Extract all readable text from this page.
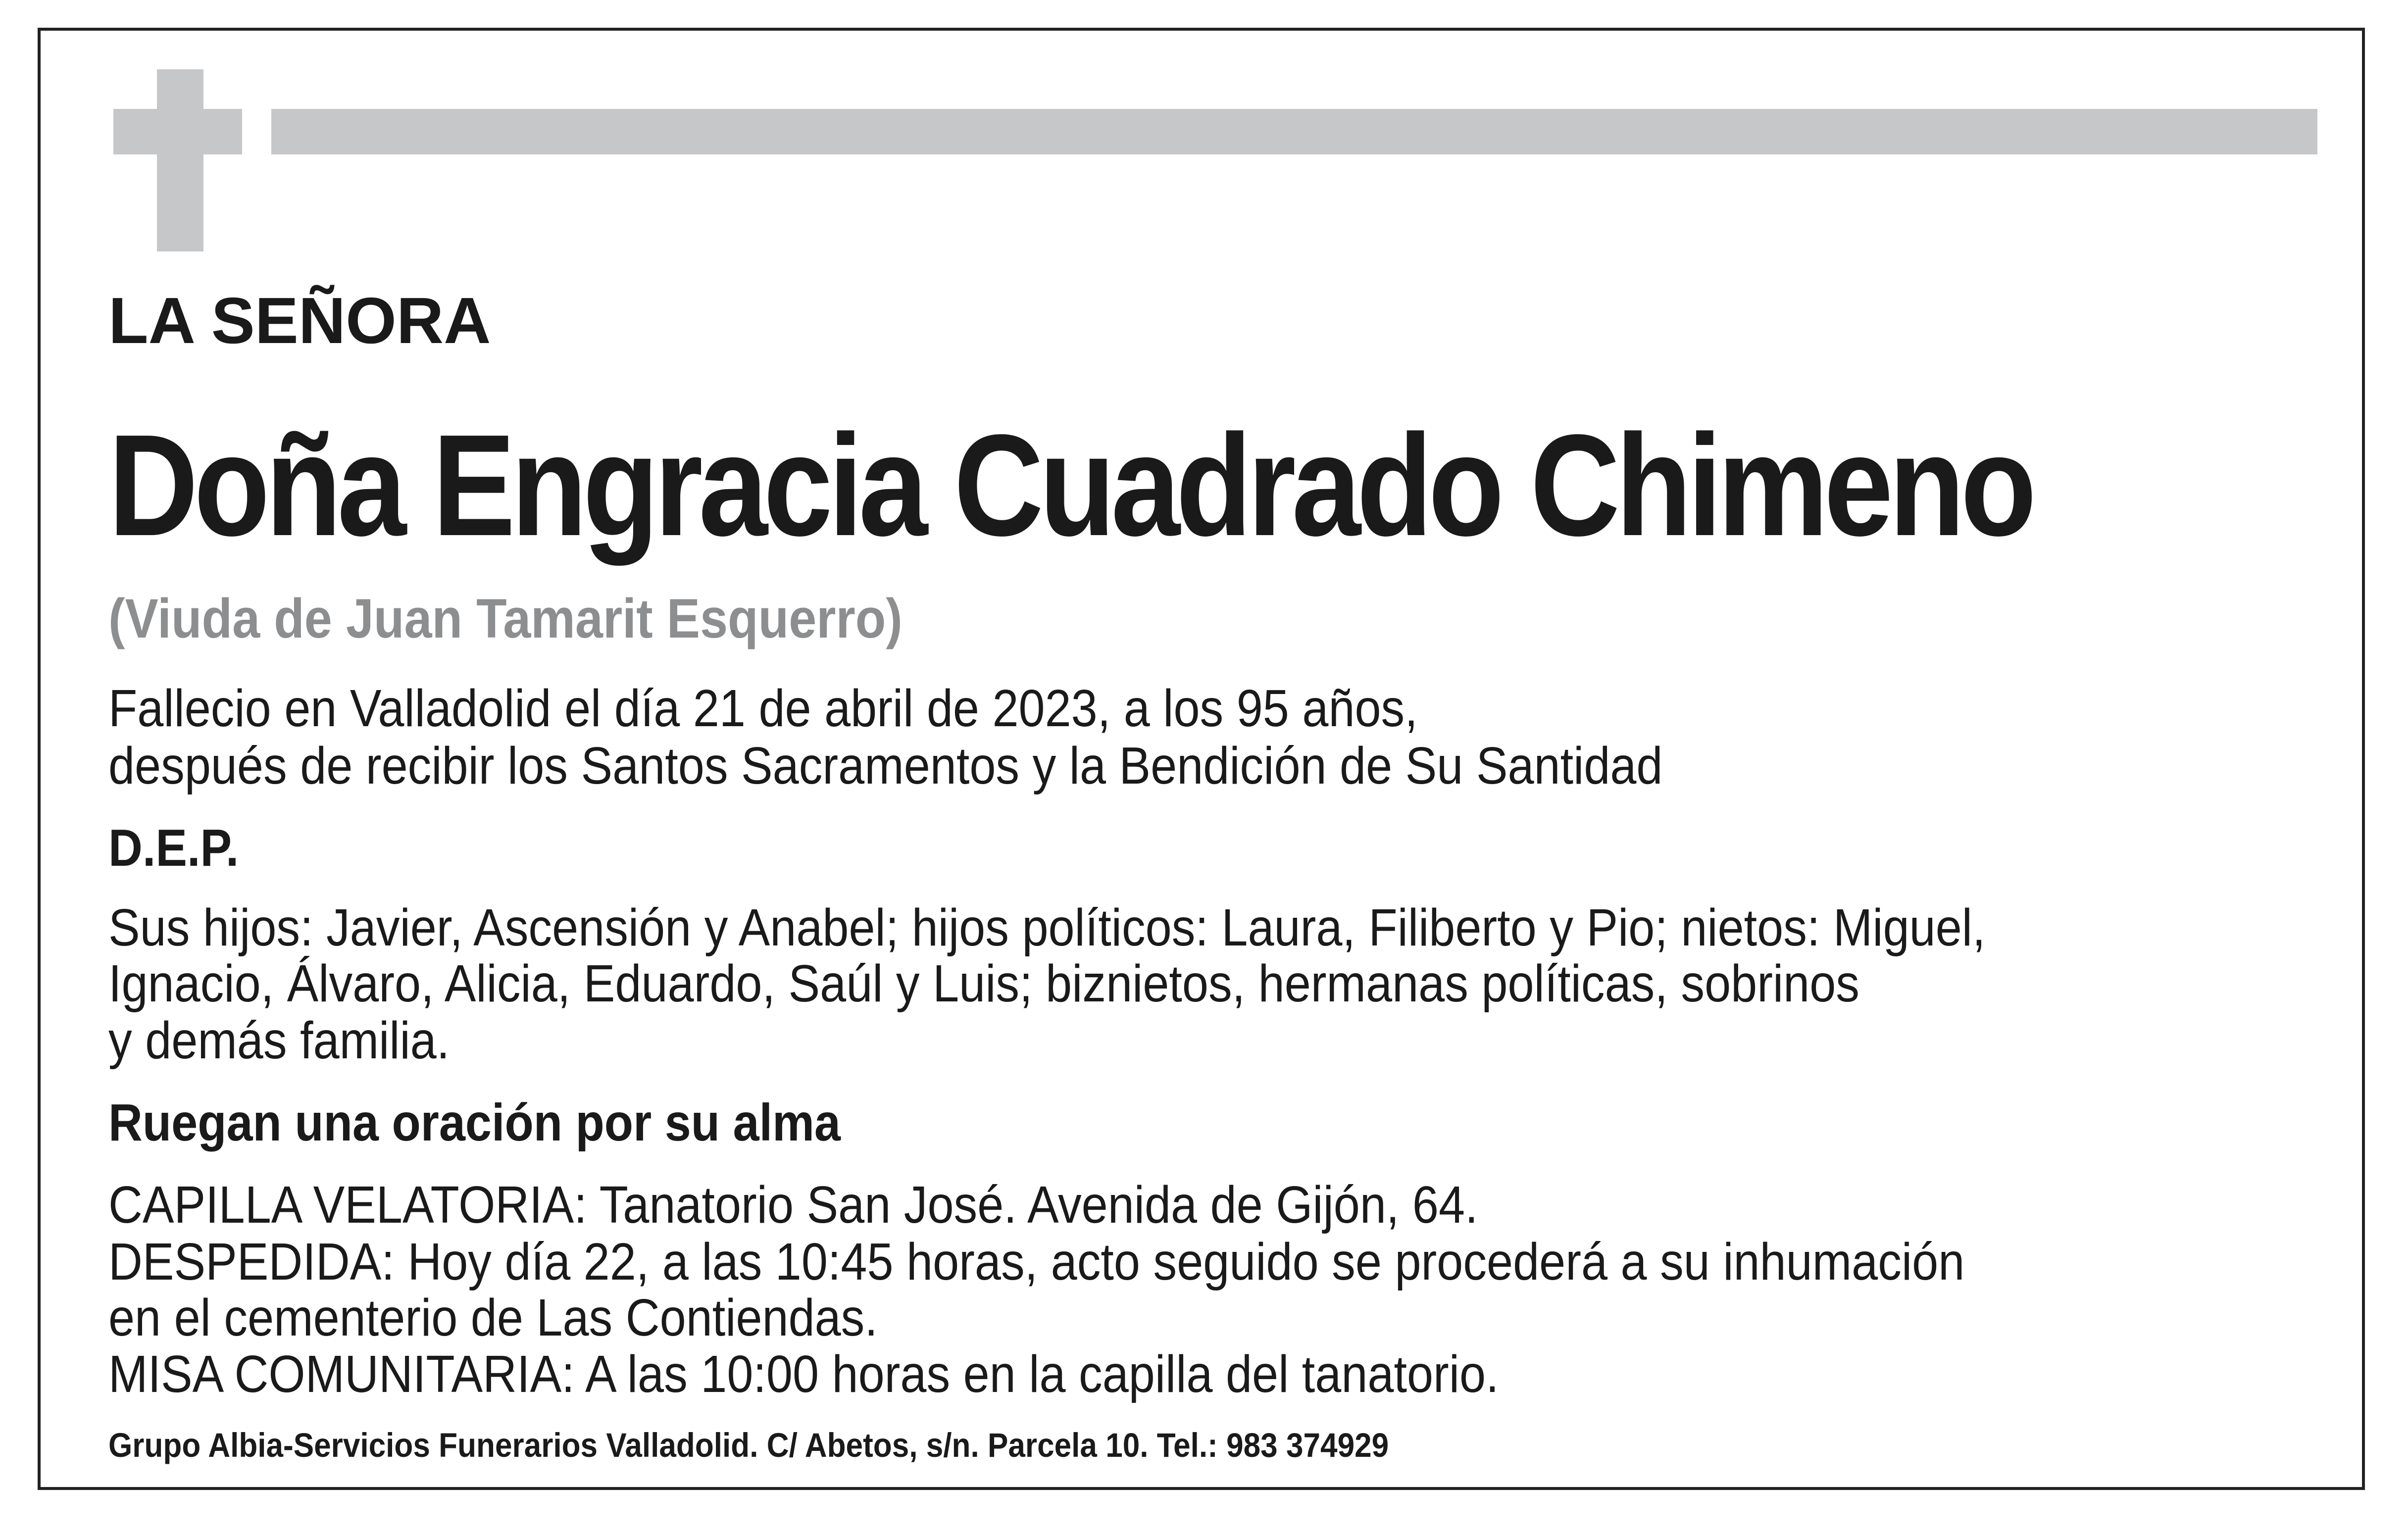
LA SEÑORA
Doña Engracia Cuadrado Chimeno
(Viuda de Juan Tamarit Esquerro)
Fallecio en Valladolid el día 21 de abril de 2023, a los 95 años,
después de recibir los Santos Sacramentos y la Bendición de Su Santidad
D.E.P.
Sus hijos: Javier, Ascensión y Anabel; hijos políticos: Laura, Filiberto y Pio; nietos: Miguel,
Ignacio, Álvaro, Alicia, Eduardo, Saúl y Luis; biznietos, hermanas políticas, sobrinos
y demás familia.
Ruegan una oración por su alma
CAPILLA VELATORIA: Tanatorio San José. Avenida de Gijón, 64.
DESPEDIDA: Hoy día 22, a las 10:45 horas, acto seguido se procederá a su inhumación
en el cementerio de Las Contiendas.
MISA COMUNITARIA: A las 10:00 horas en la capilla del tanatorio.
Grupo Albia-Servicios Funerarios Valladolid. C/ Abetos, s/n. Parcela 10. Tel.: 983 374929
